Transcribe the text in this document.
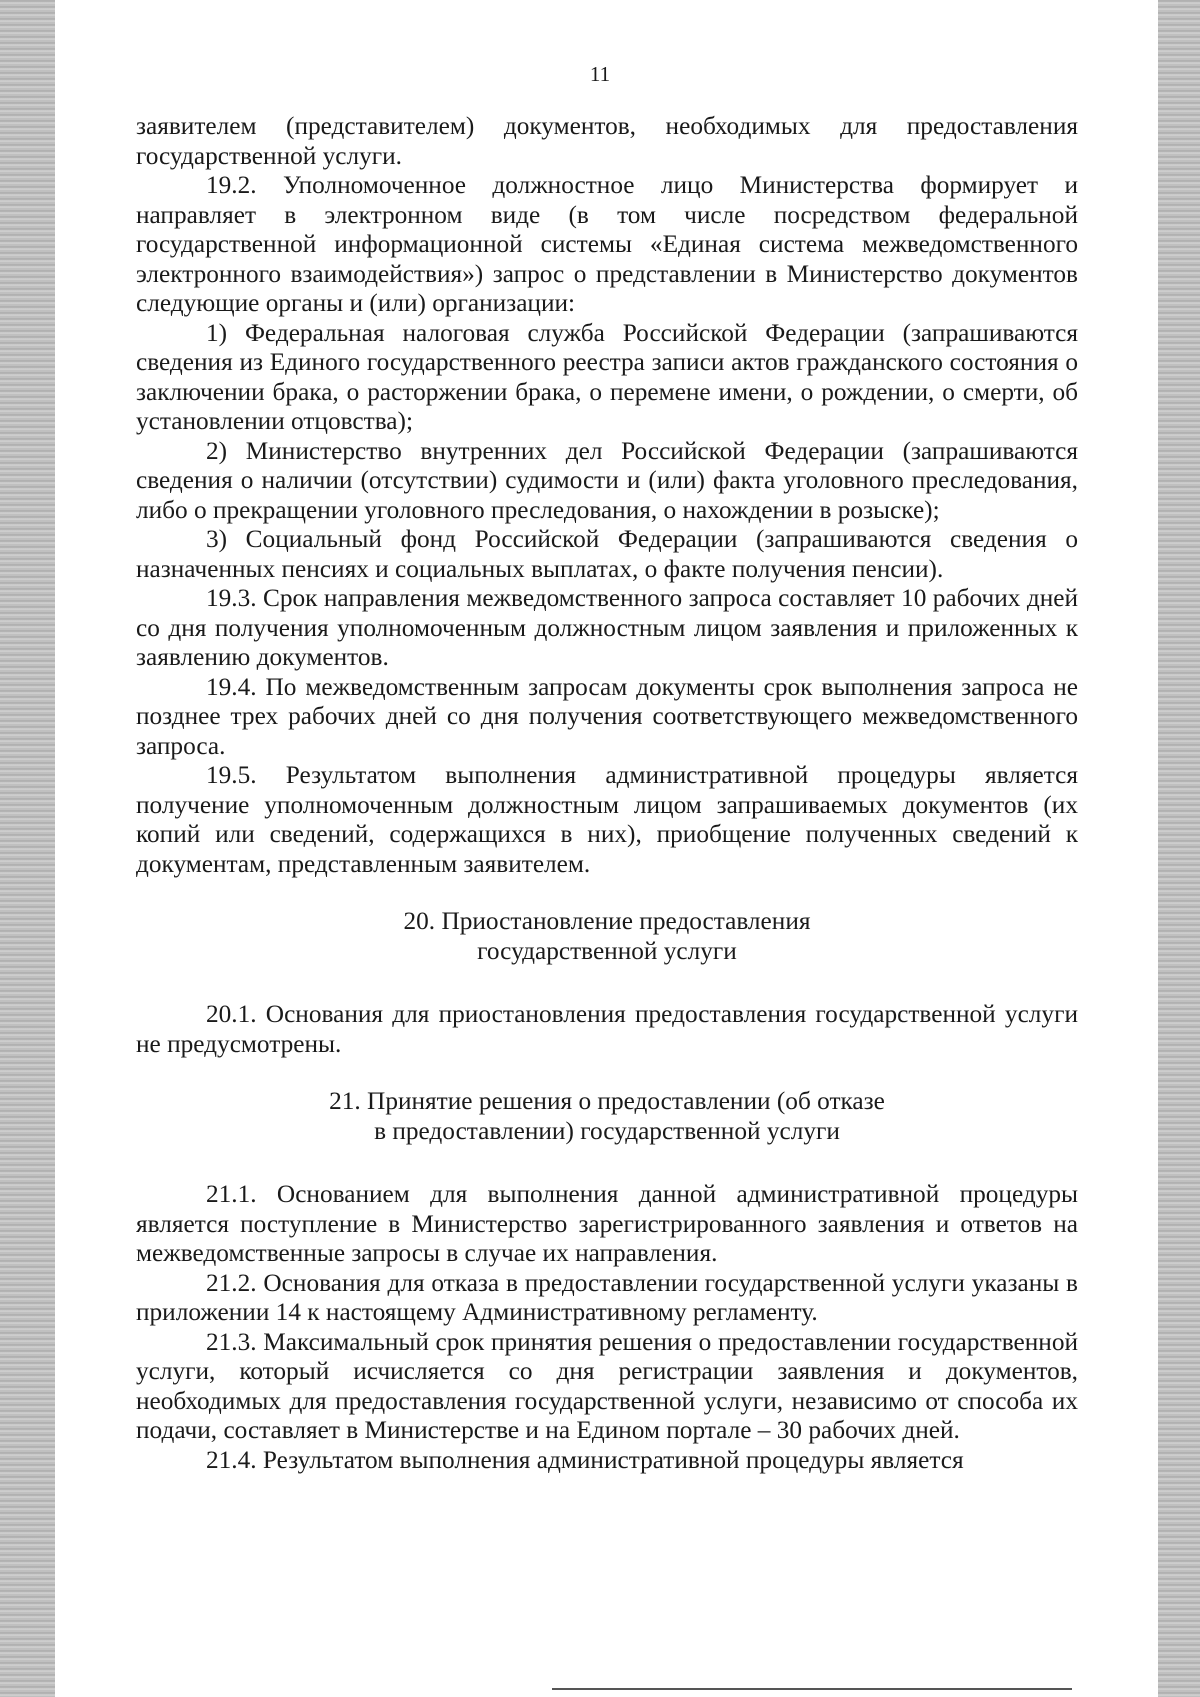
11

заявителем (представителем) документов, необходимых для предоставления государственной услуги.

19.2. Уполномоченное должностное лицо Министерства формирует и направляет в электронном виде (в том числе посредством федеральной государственной информационной системы «Единая система межведомственного электронного взаимодействия») запрос о представлении в Министерство документов следующие органы и (или) организации:

1) Федеральная налоговая служба Российской Федерации (запрашиваются сведения из Единого государственного реестра записи актов гражданского состояния о заключении брака, о расторжении брака, о перемене имени, о рождении, о смерти, об установлении отцовства);

2) Министерство внутренних дел Российской Федерации (запрашиваются сведения о наличии (отсутствии) судимости и (или) факта уголовного преследования, либо о прекращении уголовного преследования, о нахождении в розыске);

3) Социальный фонд Российской Федерации (запрашиваются сведения о назначенных пенсиях и социальных выплатах, о факте получения пенсии).

19.3. Срок направления межведомственного запроса составляет 10 рабочих дней со дня получения уполномоченным должностным лицом заявления и приложенных к заявлению документов.

19.4. По межведомственным запросам документы срок выполнения запроса не позднее трех рабочих дней со дня получения соответствующего межведомственного запроса.

19.5. Результатом выполнения административной процедуры является получение уполномоченным должностным лицом запрашиваемых документов (их копий или сведений, содержащихся в них), приобщение полученных сведений к документам, представленным заявителем.

20. Приостановление предоставления
государственной услуги

20.1. Основания для приостановления предоставления государственной услуги не предусмотрены.

21. Принятие решения о предоставлении (об отказе
в предоставлении) государственной услуги

21.1. Основанием для выполнения данной административной процедуры является поступление в Министерство зарегистрированного заявления и ответов на межведомственные запросы в случае их направления.

21.2. Основания для отказа в предоставлении государственной услуги указаны в приложении 14 к настоящему Административному регламенту.

21.3. Максимальный срок принятия решения о предоставлении государственной услуги, который исчисляется со дня регистрации заявления и документов, необходимых для предоставления государственной услуги, независимо от способа их подачи, составляет в Министерстве и на Едином портале – 30 рабочих дней.

21.4. Результатом выполнения административной процедуры является
